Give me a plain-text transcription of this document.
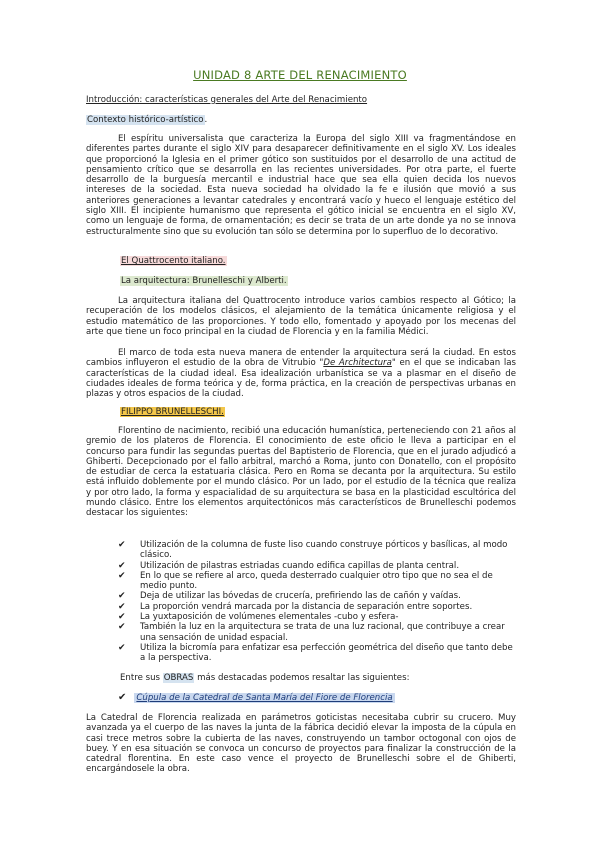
UNIDAD 8 ARTE DEL RENACIMIENTO
Introducción: características generales del Arte del Renacimiento
Contexto histórico-artístico.

El espíritu universalista que caracteriza la Europa del siglo XIII va fragmentándose en diferentes partes durante el siglo XIV para desaparecer definitivamente en el siglo XV. Los ideales que proporcionó la Iglesia en el primer gótico son sustituidos por el desarrollo de una actitud de pensamiento crítico que se desarrolla en las recientes universidades. Por otra parte, el fuerte desarrollo de la burguesía mercantil e industrial hace que sea ella quien decida los nuevos intereses de la sociedad. Esta nueva sociedad ha olvidado la fe e ilusión que movió a sus anteriores generaciones a levantar catedrales y encontrará vacío y hueco el lenguaje estético del siglo XIII. El incipiente humanismo que representa el gótico inicial se encuentra en el siglo XV, como un lenguaje de forma, de ornamentación; es decir se trata de un arte donde ya no se innova estructuralmente sino que su evolución tan sólo se determina por lo superfluo de lo decorativo.

El Quattrocento italiano.
La arquitectura: Brunelleschi y Alberti.

La arquitectura italiana del Quattrocento introduce varios cambios respecto al Gótico; la recuperación de los modelos clásicos, el alejamiento de la temática únicamente religiosa y el estudio matemático de las proporciones. Y todo ello, fomentado y apoyado por los mecenas del arte que tiene un foco principal en la ciudad de Florencia y en la familia Médici.

El marco de toda esta nueva manera de entender la arquitectura será la ciudad. En estos cambios influyeron el estudio de la obra de Vitrubio "De Architectura" en el que se indicaban las características de la ciudad ideal. Esa idealización urbanística se va a plasmar en el diseño de ciudades ideales de forma teórica y de, forma práctica, en la creación de perspectivas urbanas en plazas y otros espacios de la ciudad.

FILIPPO BRUNELLESCHI.

Florentino de nacimiento, recibió una educación humanística, perteneciendo con 21 años al gremio de los plateros de Florencia. El conocimiento de este oficio le lleva a participar en el concurso para fundir las segundas puertas del Baptisterio de Florencia, que en el jurado adjudicó a Ghiberti. Decepcionado por el fallo arbitral, marchó a Roma, junto con Donatello, con el propósito de estudiar de cerca la estatuaria clásica. Pero en Roma se decanta por la arquitectura. Su estilo está influido doblemente por el mundo clásico. Por un lado, por el estudio de la técnica que realiza y por otro lado, la forma y espacialidad de su arquitectura se basa en la plasticidad escultórica del mundo clásico. Entre los elementos arquitectónicos más característicos de Brunelleschi podemos destacar los siguientes:

✔ Utilización de la columna de fuste liso cuando construye pórticos y basílicas, al modo clásico.
✔ Utilización de pilastras estriadas cuando edifica capillas de planta central.
✔ En lo que se refiere al arco, queda desterrado cualquier otro tipo que no sea el de medio punto.
✔ Deja de utilizar las bóvedas de crucería, prefiriendo las de cañón y vaídas.
✔ La proporción vendrá marcada por la distancia de separación entre soportes.
✔ La yuxtaposición de volúmenes elementales -cubo y esfera-
✔ También la luz en la arquitectura se trata de una luz racional, que contribuye a crear una sensación de unidad espacial.
✔ Utiliza la bicromía para enfatizar esa perfección geométrica del diseño que tanto debe a la perspectiva.
Entre sus OBRAS más destacadas podemos resaltar las siguientes:
✔ Cúpula de la Catedral de Santa María del Fiore de Florencia

La Catedral de Florencia realizada en parámetros goticistas necesitaba cubrir su crucero. Muy avanzada ya el cuerpo de las naves la junta de la fábrica decidió elevar la imposta de la cúpula en casi trece metros sobre la cubierta de las naves, construyendo un tambor octogonal con ojos de buey. Y en esa situación se convoca un concurso de proyectos para finalizar la construcción de la catedral florentina. En este caso vence el proyecto de Brunelleschi sobre el de Ghiberti, encargándosele la obra.
